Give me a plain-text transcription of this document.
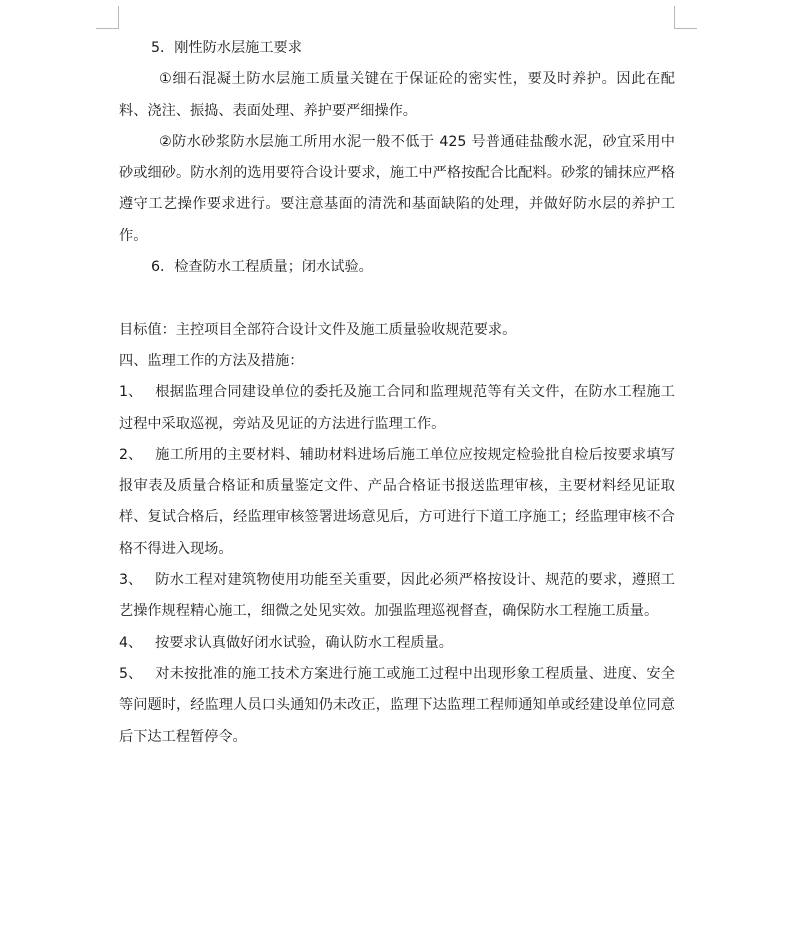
5．刚性防水层施工要求

①细石混凝土防水层施工质量关键在于保证砼的密实性，要及时养护。因此在配料、浇注、振捣、表面处理、养护要严细操作。

②防水砂浆防水层施工所用水泥一般不低于 425 号普通硅盐酸水泥，砂宜采用中砂或细砂。防水剂的选用要符合设计要求，施工中严格按配合比配料。砂浆的铺抹应严格遵守工艺操作要求进行。要注意基面的清洗和基面缺陷的处理，并做好防水层的养护工作。

6．检查防水工程质量；闭水试验。

目标值：主控项目全部符合设计文件及施工质量验收规范要求。

四、监理工作的方法及措施：

1、 根据监理合同建设单位的委托及施工合同和监理规范等有关文件，在防水工程施工过程中采取巡视，旁站及见证的方法进行监理工作。

2、 施工所用的主要材料、辅助材料进场后施工单位应按规定检验批自检后按要求填写报审表及质量合格证和质量鉴定文件、产品合格证书报送监理审核，主要材料经见证取样、复试合格后，经监理审核签署进场意见后，方可进行下道工序施工；经监理审核不合格不得进入现场。

3、 防水工程对建筑物使用功能至关重要，因此必须严格按设计、规范的要求，遵照工艺操作规程精心施工，细微之处见实效。加强监理巡视督查，确保防水工程施工质量。

4、 按要求认真做好闭水试验，确认防水工程质量。

5、 对未按批准的施工技术方案进行施工或施工过程中出现形象工程质量、进度、安全等问题时，经监理人员口头通知仍未改正，监理下达监理工程师通知单或经建设单位同意后下达工程暂停令。
